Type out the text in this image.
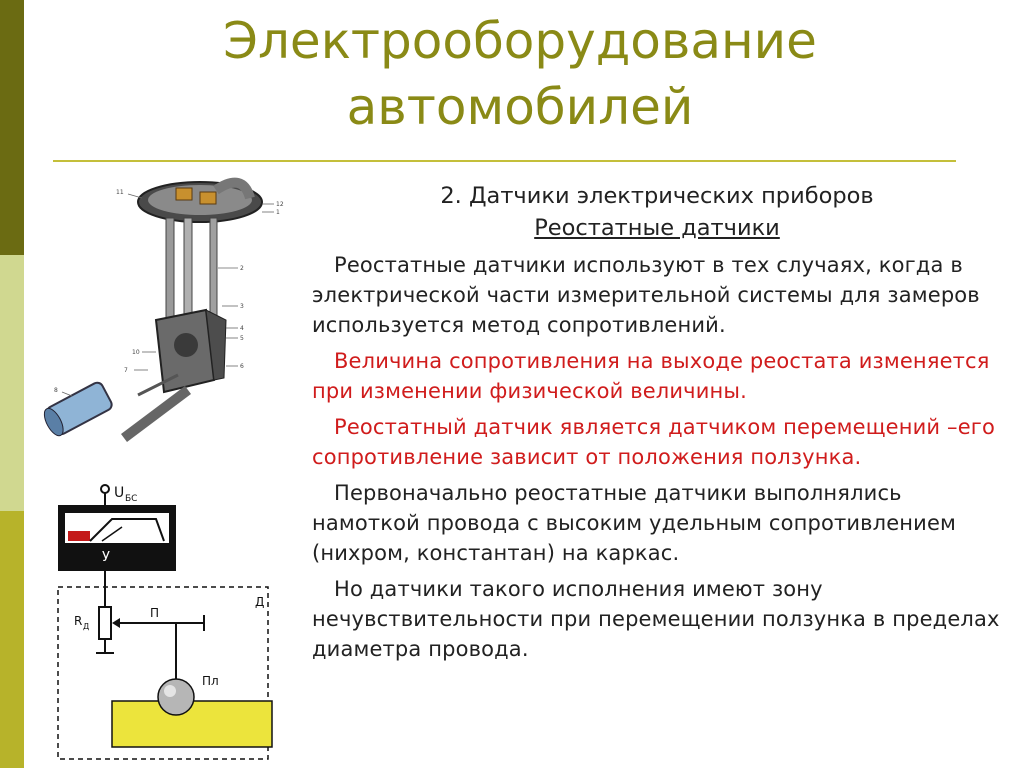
Электрооборудование
автомобилей
11
12
1
2
3
4
5
10
7
6
8
U БС
У
Д
R Д
П
Пл

2. Датчики электрических приборов

Реостатные датчики

Реостатные датчики используют в тех случаях, когда в электрической части измерительной системы для замеров используется метод сопротивлений.

Величина сопротивления на выходе реостата изменяется при изменении физической величины.

Реостатный датчик является датчиком перемещений –его сопротивление зависит от положения ползунка.

Первоначально реостатные датчики выполнялись намоткой провода с высоким удельным сопротивлением (нихром, константан) на каркас.

Но датчики такого исполнения имеют зону нечувствительности при перемещении ползунка в пределах диаметра провода.
